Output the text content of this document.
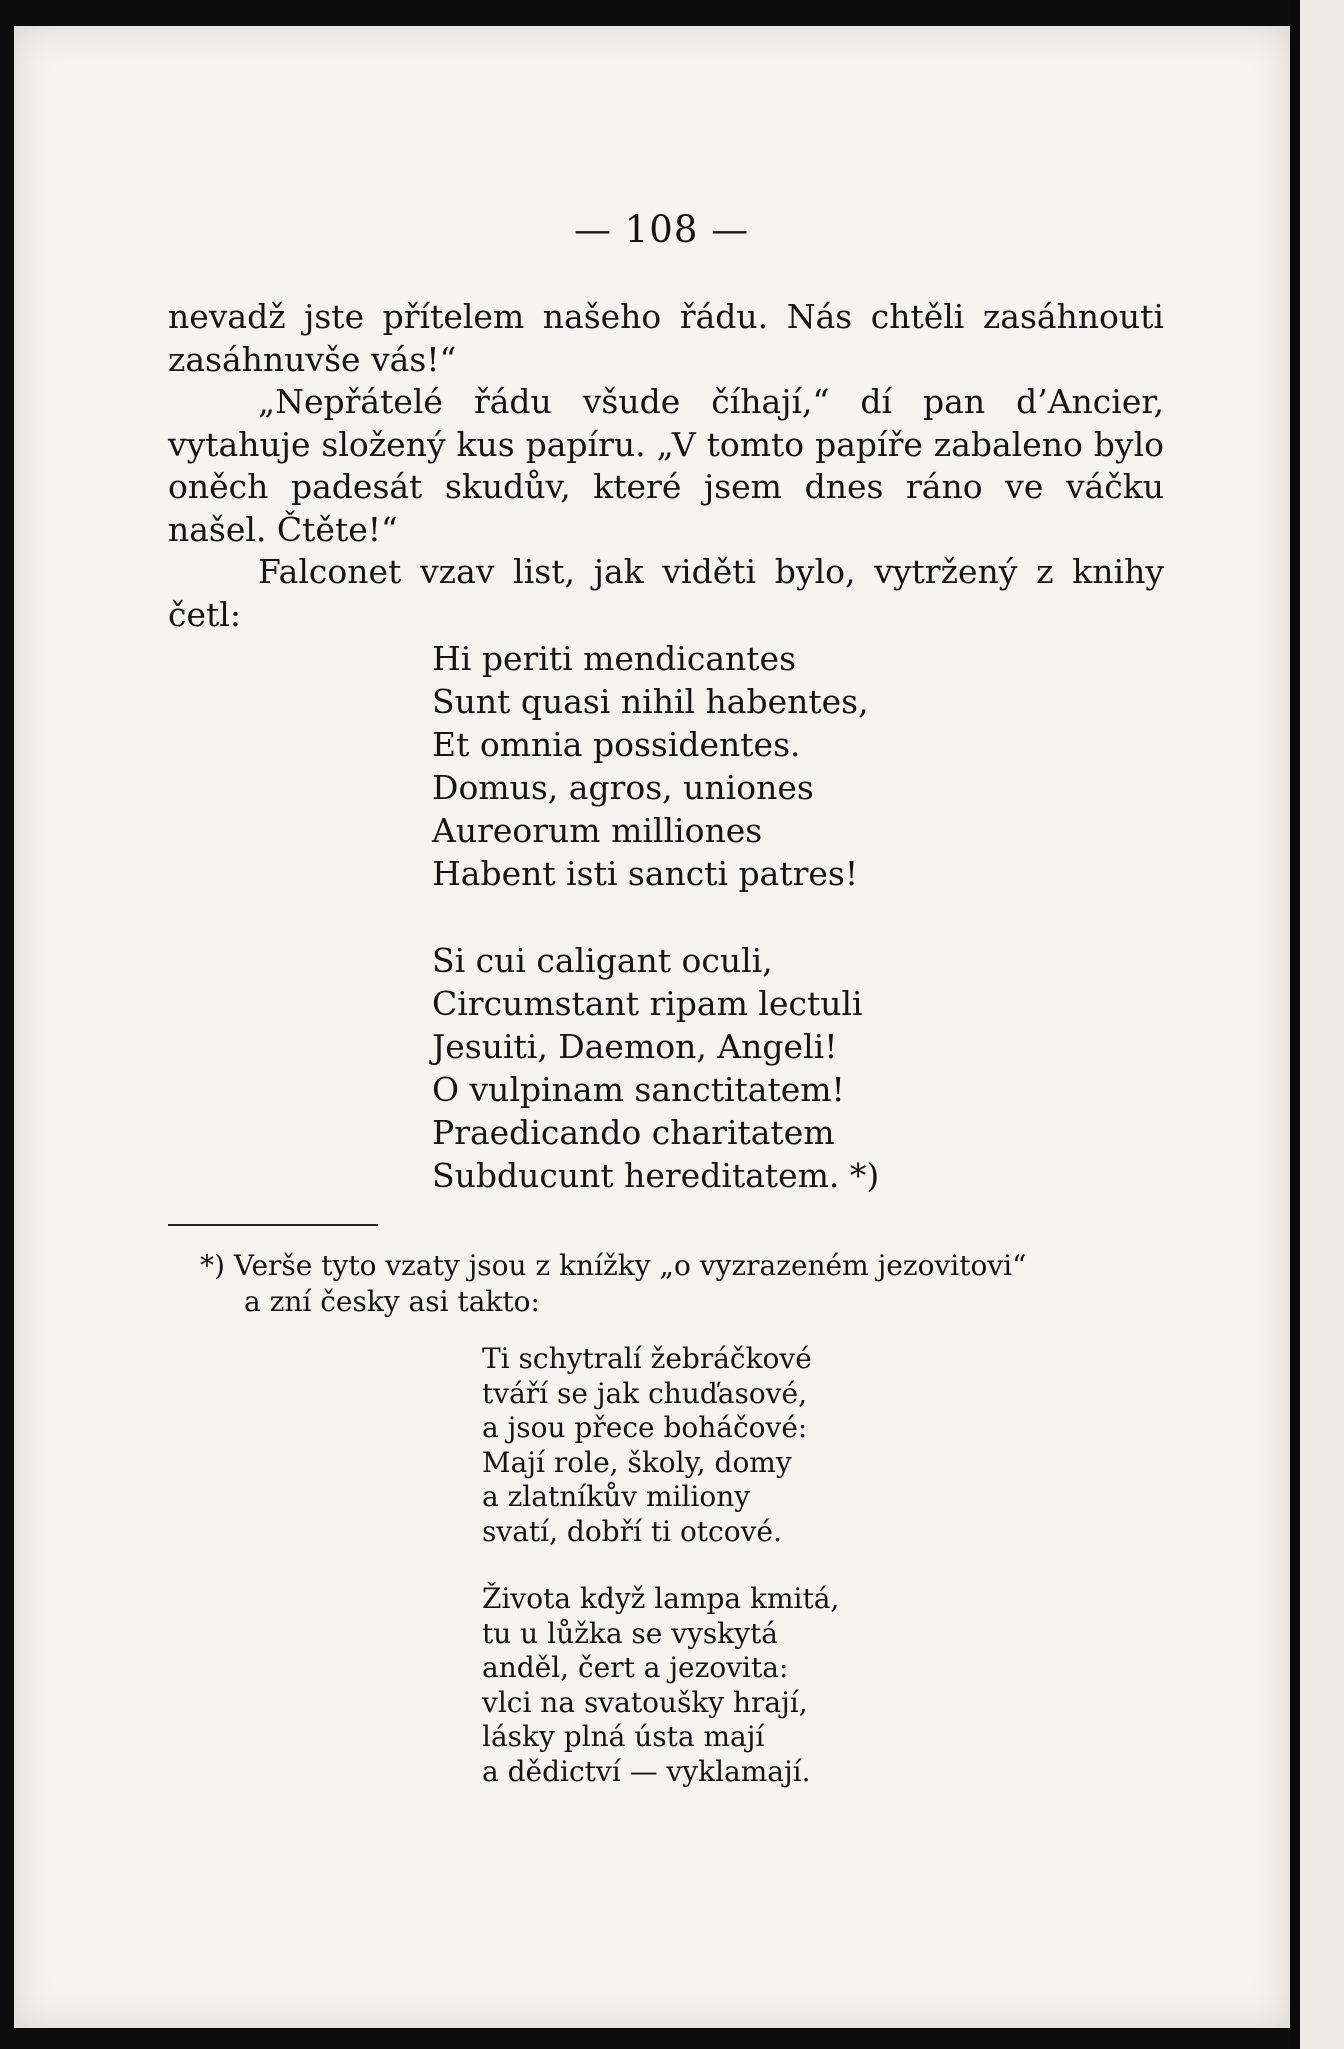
— 108 —

nevadž jste přítelem našeho řádu. Nás chtěli zasáhnouti zasáhnuvše vás!“

„Nepřátelé řádu všude číhají,“ dí pan d’Ancier, vytahuje složený kus papíru. „V tomto papíře zabaleno bylo oněch padesát skudův, které jsem dnes ráno ve váčku našel. Čtěte!“

Falconet vzav list, jak viděti bylo, vytržený z knihy četl:

Hi periti mendicantes
Sunt quasi nihil habentes,
Et omnia possidentes.
Domus, agros, uniones
Aureorum milliones
Habent isti sancti patres!
Si cui caligant oculi,
Circumstant ripam lectuli
Jesuiti, Daemon, Angeli!
O vulpinam sanctitatem!
Praedicando charitatem
Subducunt hereditatem. *)
*) Verše tyto vzaty jsou z knížky „o vyzrazeném jezovitovi“
a zní česky asi takto:
Ti schytralí žebráčkové
tváří se jak chuďasové,
a jsou přece boháčové:
Mají role, školy, domy
a zlatníkův miliony
svatí, dobří ti otcové.
Života když lampa kmitá,
tu u lůžka se vyskytá
anděl, čert a jezovita:
vlci na svatoušky hrají,
lásky plná ústa mají
a dědictví — vyklamají.
